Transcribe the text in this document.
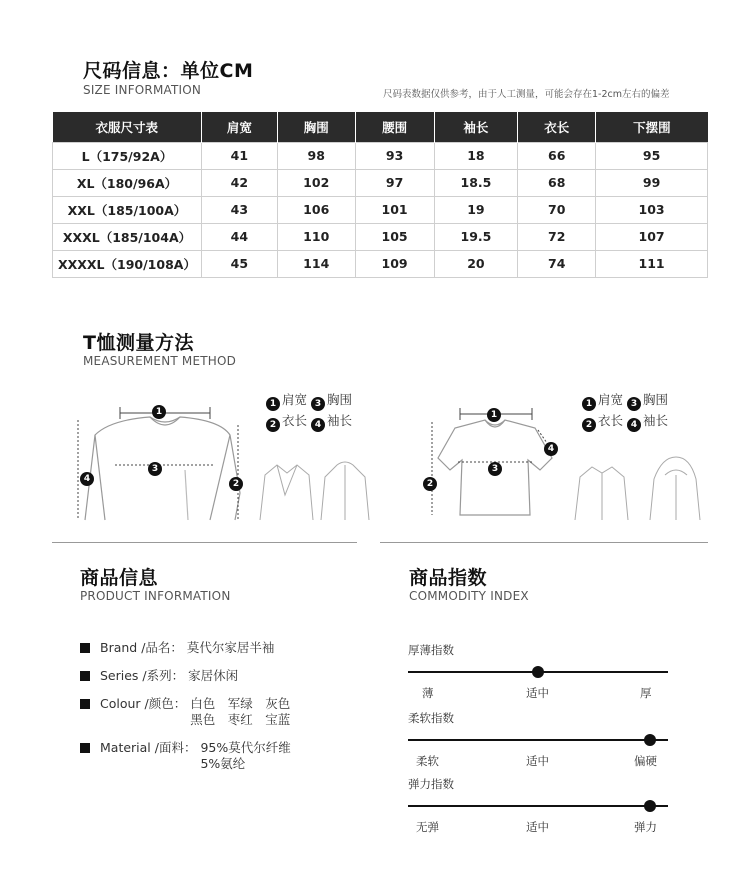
尺码信息：单位CM
SIZE INFORMATION	尺码表数据仅供参考，由于人工测量，可能会存在1-2cm左右的偏差
衣服尺寸表	肩宽	胸围	腰围	袖长	衣长	下摆围
L（175/92A）	41	98	93	18	66	95
XL（180/96A）	42	102	97	18.5	68	99
XXL（185/100A）	43	106	101	19	70	103
XXXL（185/104A）	44	110	105	19.5	72	107
XXXXL（190/108A）	45	114	109	20	74	111
T恤测量方法
MEASUREMENT METHOD
1 肩宽 3 胸围
2 衣长 4 袖长
1
3
4	2
1 肩宽 3 胸围
2 衣长 4 袖长
1
4
3
2
商品信息
PRODUCT INFORMATION
Brand /品名： 莫代尔家居半袖
Series /系列： 家居休闲
Colour /颜色： 白色　军绿　灰色
黑色　枣红　宝蓝
Material /面料： 95%莫代尔纤维
5%氨纶
商品指数
COMMODITY INDEX
厚薄指数
薄	适中	厚
柔软指数
柔软	适中	偏硬
弹力指数
无弹	适中	弹力
